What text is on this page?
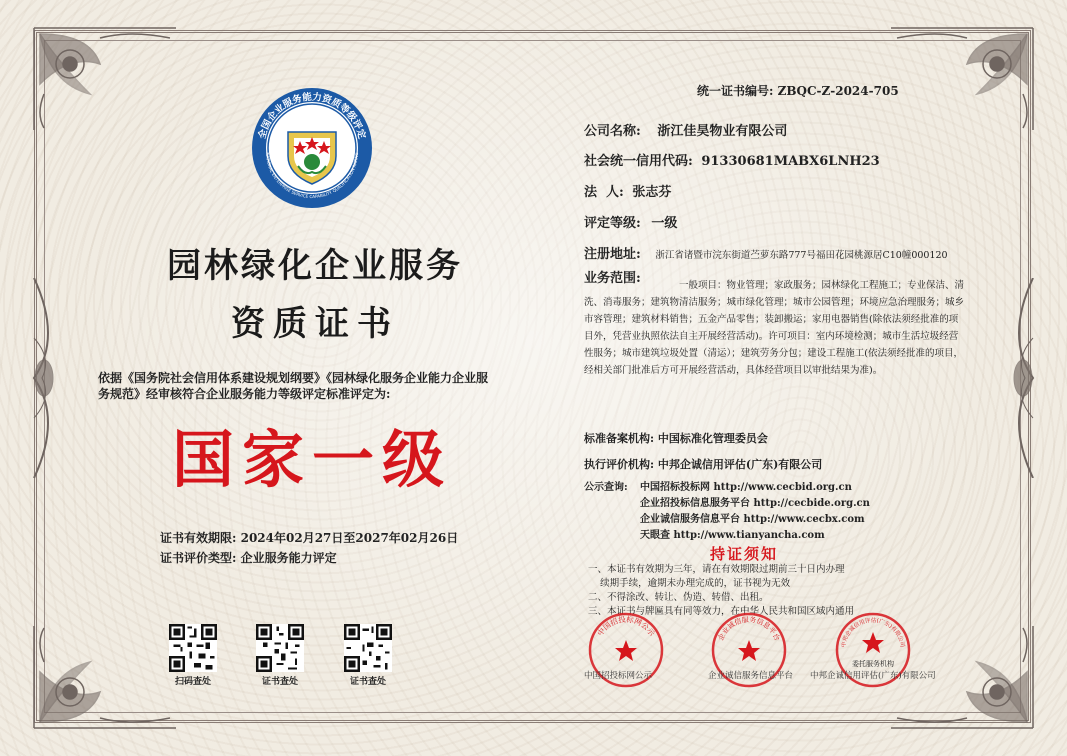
全国企业服务能力资质等级评定
NATIONAL ENTERPRISE SERVICE CAPABILITY QUALIFICATION RATING
园林绿化企业服务
资质证书
依据《国务院社会信用体系建设规划纲要》《园林绿化服务企业能力企业服务规范》经审核符合企业服务能力等级评定标准评定为:
国家一级
证书有效期限: 2024年02月27日至2027年02月26日
证书评价类型: 企业服务能力评定
扫码查处	证书查处	证书查处
统一证书编号: ZBQC-Z-2024-705
公司名称: 浙江佳昊物业有限公司
社会统一信用代码: 91330681MABX6LNH23
法  人: 张志芬
评定等级: 一级
注册地址: 浙江省诸暨市浣东街道苎萝东路777号福田花园桃源居C10幢000120
业务范围:	一般项目：物业管理；家政服务；园林绿化工程施工；专业保洁、清洗、消毒服务；建筑物清洁服务；城市绿化管理；城市公园管理；环境应急治理服务；城乡市容管理；建筑材料销售；五金产品零售；装卸搬运；家用电器销售(除依法须经批准的项目外，凭营业执照依法自主开展经营活动)。许可项目：室内环境检测；城市生活垃圾经营性服务；城市建筑垃圾处置（清运）；建筑劳务分包；建设工程施工(依法须经批准的项目，经相关部门批准后方可开展经营活动，具体经营项目以审批结果为准)。
标准备案机构: 中国标准化管理委员会
执行评价机构: 中邦企诚信用评估(广东)有限公司
公示查询: 中国招标投标网 http://www.cecbid.org.cn
企业招投标信息服务平台 http://cecbide.org.cn
企业诚信服务信息平台 http://www.cecbx.com
天眼查 http://www.tianyancha.com
持证须知
一、本证书有效期为三年，请在有效期限过期前三十日内办理
续期手续，逾期未办理完成的，证书视为无效
二、不得涂改、转让、伪造、转借、出租。
三、本证书与牌匾具有同等效力，在中华人民共和国区域内通用
中国招投标网公示
中国招投标网公示
企业诚信服务信息平台
企业诚信服务信息平台
中邦企诚信用评估(广东)有限公司
委托服务机构
中邦企诚信用评估(广东)有限公司
